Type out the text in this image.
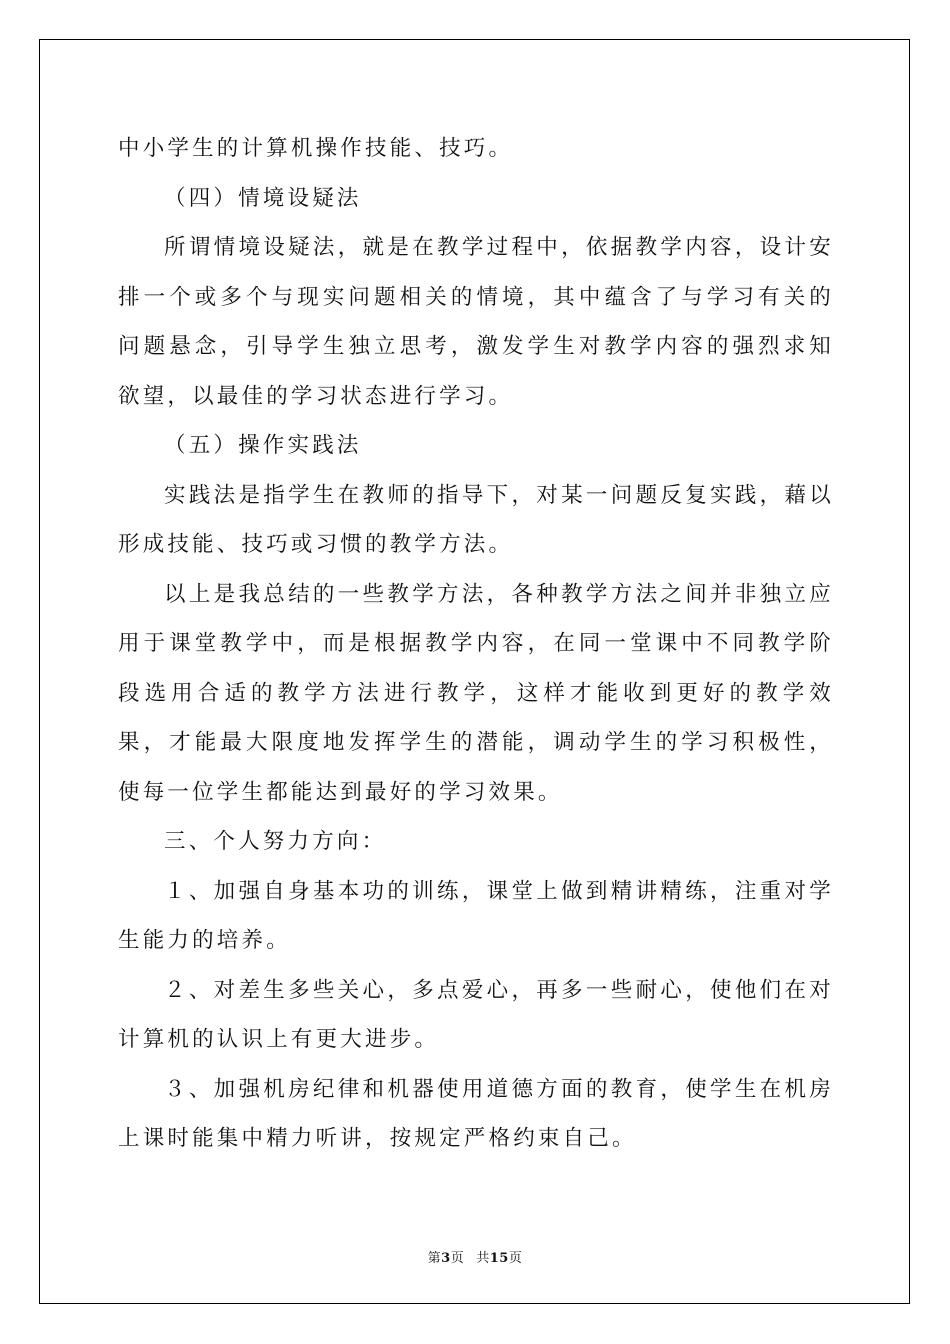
中小学生的计算机操作技能、技巧。

（四）情境设疑法

所谓情境设疑法，就是在教学过程中，依据教学内容，设计安排一个或多个与现实问题相关的情境，其中蕴含了与学习有关的问题悬念，引导学生独立思考，激发学生对教学内容的强烈求知欲望，以最佳的学习状态进行学习。

（五）操作实践法

实践法是指学生在教师的指导下，对某一问题反复实践，藉以形成技能、技巧或习惯的教学方法。

以上是我总结的一些教学方法，各种教学方法之间并非独立应用于课堂教学中，而是根据教学内容，在同一堂课中不同教学阶段选用合适的教学方法进行教学，这样才能收到更好的教学效果，才能最大限度地发挥学生的潜能，调动学生的学习积极性，使每一位学生都能达到最好的学习效果。

三、个人努力方向：

１、加强自身基本功的训练，课堂上做到精讲精练，注重对学生能力的培养。

２、对差生多些关心，多点爱心，再多一些耐心，使他们在对计算机的认识上有更大进步。

３、加强机房纪律和机器使用道德方面的教育，使学生在机房上课时能集中精力听讲，按规定严格约束自己。

第3页 共15页
